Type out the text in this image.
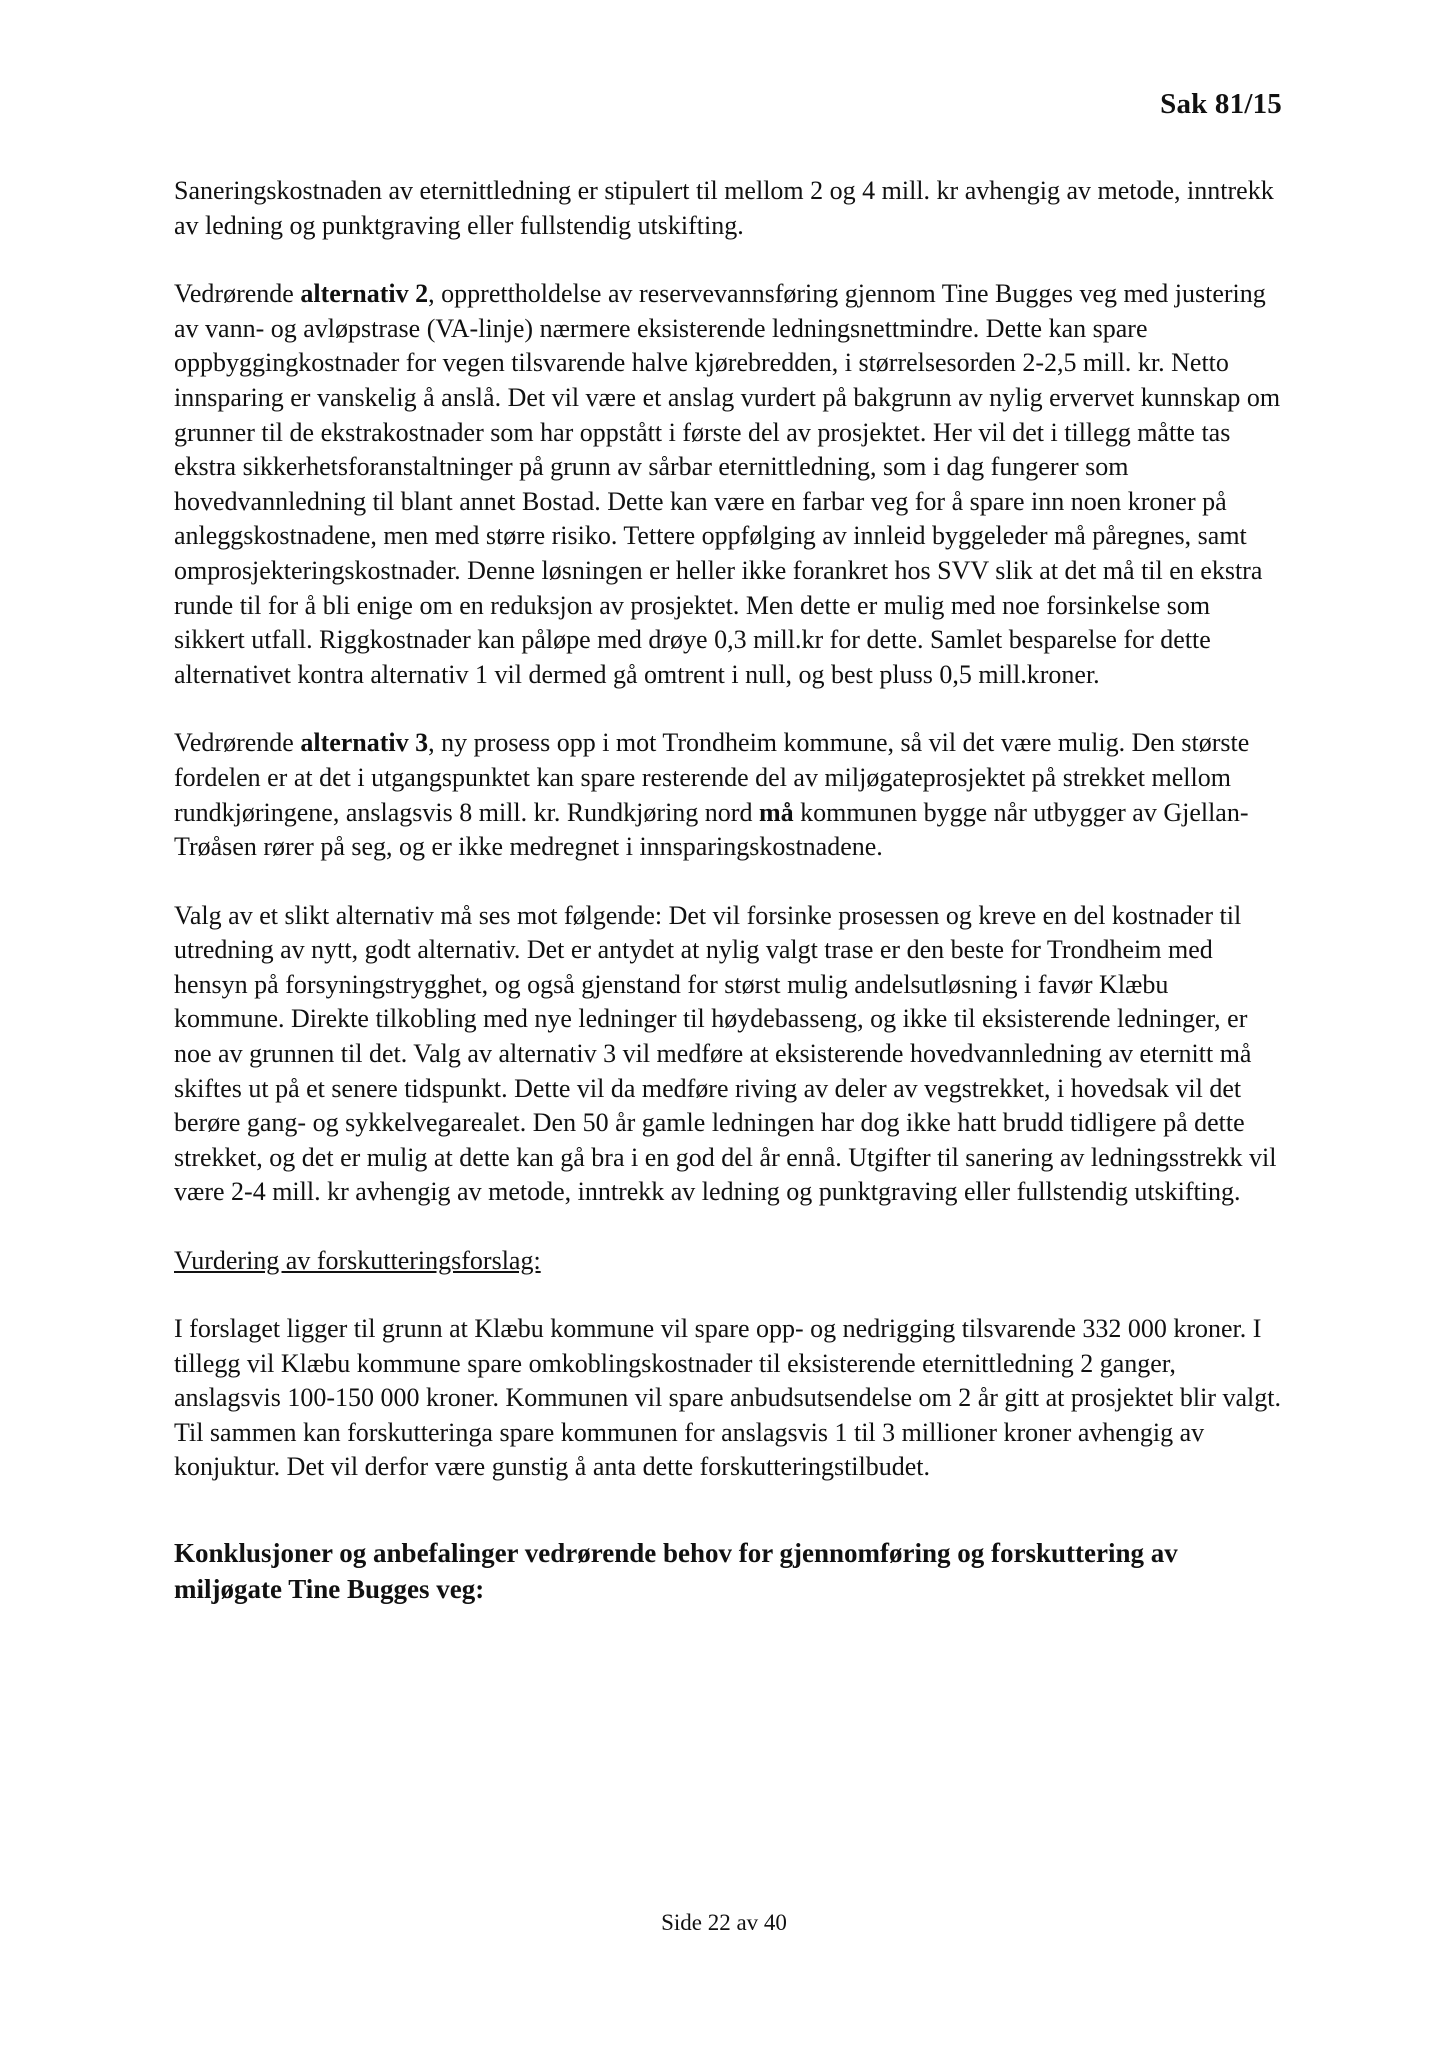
Sak 81/15

Saneringskostnaden av eternittledning er stipulert til mellom 2 og 4 mill. kr avhengig av metode, inntrekk av ledning og punktgraving eller fullstendig utskifting.

Vedrørende alternativ 2, opprettholdelse av reservevannsføring gjennom Tine Bugges veg med justering av vann- og avløpstrase (VA-linje) nærmere eksisterende ledningsnettmindre. Dette kan spare oppbyggingkostnader for vegen tilsvarende halve kjørebredden, i størrelsesorden 2-2,5 mill. kr. Netto innsparing er vanskelig å anslå. Det vil være et anslag vurdert på bakgrunn av nylig ervervet kunnskap om grunner til de ekstrakostnader som har oppstått i første del av prosjektet. Her vil det i tillegg måtte tas ekstra sikkerhetsforanstaltninger på grunn av sårbar eternittledning, som i dag fungerer som hovedvannledning til blant annet Bostad. Dette kan være en farbar veg for å spare inn noen kroner på anleggskostnadene, men med større risiko. Tettere oppfølging av innleid byggeleder må påregnes, samt omprosjekteringskostnader. Denne løsningen er heller ikke forankret hos SVV slik at det må til en ekstra runde til for å bli enige om en reduksjon av prosjektet. Men dette er mulig med noe forsinkelse som sikkert utfall. Riggkostnader kan påløpe med drøye 0,3 mill.kr for dette. Samlet besparelse for dette alternativet kontra alternativ 1 vil dermed gå omtrent i null, og best pluss 0,5 mill.kroner.

Vedrørende alternativ 3, ny prosess opp i mot Trondheim kommune, så vil det være mulig. Den største fordelen er at det i utgangspunktet kan spare resterende del av miljøgateprosjektet på strekket mellom rundkjøringene, anslagsvis 8 mill. kr. Rundkjøring nord må kommunen bygge når utbygger av Gjellan- Trøåsen rører på seg, og er ikke medregnet i innsparingskostnadene.

Valg av et slikt alternativ må ses mot følgende: Det vil forsinke prosessen og kreve en del kostnader til utredning av nytt, godt alternativ. Det er antydet at nylig valgt trase er den beste for Trondheim med hensyn på forsyningstrygghet, og også gjenstand for størst mulig andelsutløsning i favør Klæbu kommune. Direkte tilkobling med nye ledninger til høydebasseng, og ikke til eksisterende ledninger, er noe av grunnen til det. Valg av alternativ 3 vil medføre at eksisterende hovedvannledning av eternitt må skiftes ut på et senere tidspunkt. Dette vil da medføre riving av deler av vegstrekket, i hovedsak vil det berøre gang- og sykkelvegarealet. Den 50 år gamle ledningen har dog ikke hatt brudd tidligere på dette strekket, og det er mulig at dette kan gå bra i en god del år ennå. Utgifter til sanering av ledningsstrekk vil være 2-4 mill. kr avhengig av metode, inntrekk av ledning og punktgraving eller fullstendig utskifting.

Vurdering av forskutteringsforslag:

I forslaget ligger til grunn at Klæbu kommune vil spare opp- og nedrigging tilsvarende 332 000 kroner. I tillegg vil Klæbu kommune spare omkoblingskostnader til eksisterende eternittledning 2 ganger, anslagsvis 100-150 000 kroner. Kommunen vil spare anbudsutsendelse om 2 år gitt at prosjektet blir valgt. Til sammen kan forskutteringa spare kommunen for anslagsvis 1 til 3 millioner kroner avhengig av konjuktur. Det vil derfor være gunstig å anta dette forskutteringstilbudet.

Konklusjoner og anbefalinger vedrørende behov for gjennomføring og forskuttering av miljøgate Tine Bugges veg:
Side 22 av 40
